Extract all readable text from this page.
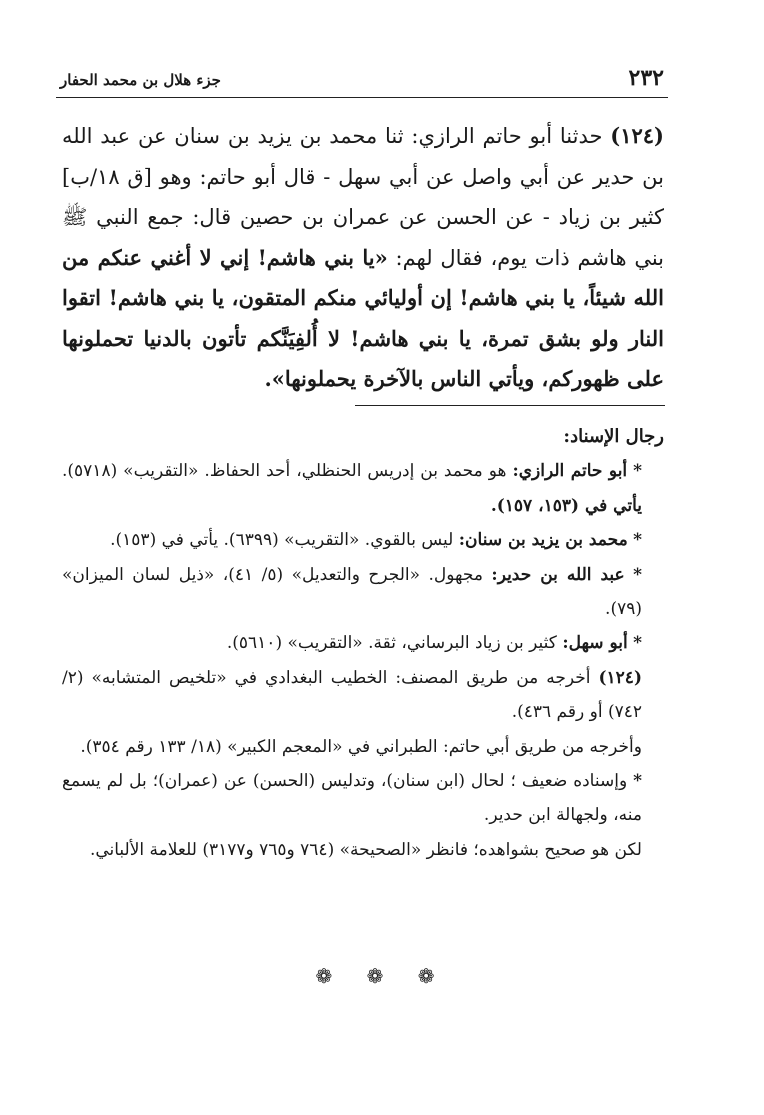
٢٣٢
جزء هلال بن محمد الحفار

(١٢٤) حدثنا أبو حاتم الرازي: ثنا محمد بن يزيد بن سنان عن عبد الله بن حدير عن أبي واصل عن أبي سهل - قال أبو حاتم: وهو [ق ١٨/ب] كثير بن زياد - عن الحسن عن عمران بن حصين قال: جمع النبي ﷺ بني هاشم ذات يوم، فقال لهم: «يا بني هاشم! إني لا أغني عنكم من الله شيئاً، يا بني هاشم! إن أوليائي منكم المتقون، يا بني هاشم! اتقوا النار ولو بشق تمرة، يا بني هاشم! لا أُلفِيَنَّكم تأتون بالدنيا تحملونها على ظهوركم، ويأتي الناس بالآخرة يحملونها».

رجال الإسناد:

* أبو حاتم الرازي: هو محمد بن إدريس الحنظلي، أحد الحفاظ. «التقريب» (٥٧١٨). يأتي في (١٥٣، ١٥٧).

* محمد بن يزيد بن سنان: ليس بالقوي. «التقريب» (٦٣٩٩). يأتي في (١٥٣).

* عبد الله بن حدير: مجهول. «الجرح والتعديل» (٥/ ٤١)، «ذيل لسان الميزان» (٧٩).

* أبو سهل: كثير بن زياد البرساني، ثقة. «التقريب» (٥٦١٠).

(١٢٤) أخرجه من طريق المصنف: الخطيب البغدادي في «تلخيص المتشابه» (٢/ ٧٤٢) أو رقم ٤٣٦).

وأخرجه من طريق أبي حاتم: الطبراني في «المعجم الكبير» (١٨/ ١٣٣ رقم ٣٥٤).

* وإسناده ضعيف ؛ لحال (ابن سنان)، وتدليس (الحسن) عن (عمران)؛ بل لم يسمع منه، ولجهالة ابن حدير.

لكن هو صحيح بشواهده؛ فانظر «الصحيحة» (٧٦٤ و٧٦٥ و٣١٧٧) للعلامة الألباني.

❁ ❁ ❁
